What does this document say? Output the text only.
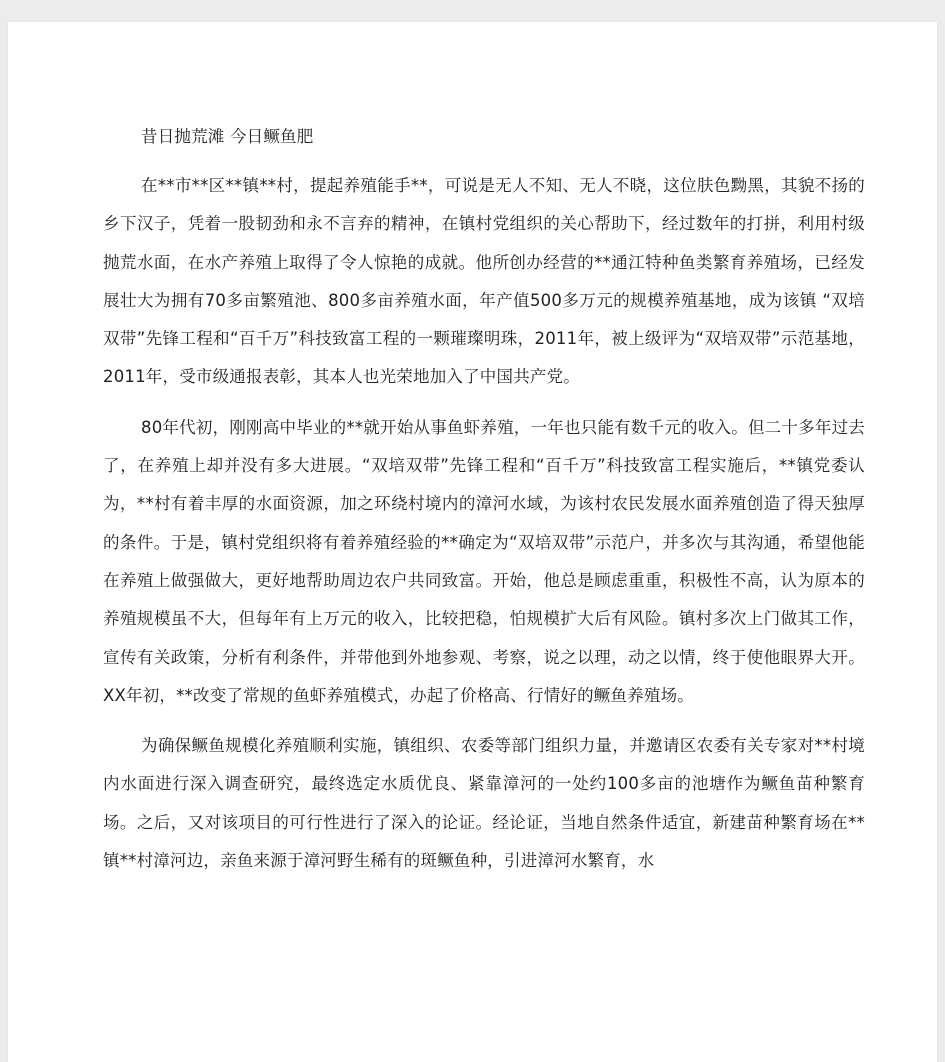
昔日抛荒滩 今日鳜鱼肥

在**市**区**镇**村，提起养殖能手**，可说是无人不知、无人不晓，这位肤色黝黑，其貌不扬的乡下汉子，凭着一股韧劲和永不言弃的精神，在镇村党组织的关心帮助下，经过数年的打拼，利用村级抛荒水面，在水产养殖上取得了令人惊艳的成就。他所创办经营的**通江特种鱼类繁育养殖场，已经发展壮大为拥有70多亩繁殖池、800多亩养殖水面，年产值500多万元的规模养殖基地，成为该镇 “双培双带”先锋工程和“百千万”科技致富工程的一颗璀璨明珠，2011年，被上级评为“双培双带”示范基地，2011年，受市级通报表彰，其本人也光荣地加入了中国共产党。

80年代初，刚刚高中毕业的**就开始从事鱼虾养殖，一年也只能有数千元的收入。但二十多年过去了，在养殖上却并没有多大进展。“双培双带”先锋工程和“百千万”科技致富工程实施后，**镇党委认为，**村有着丰厚的水面资源，加之环绕村境内的漳河水域，为该村农民发展水面养殖创造了得天独厚的条件。于是，镇村党组织将有着养殖经验的**确定为“双培双带”示范户，并多次与其沟通，希望他能在养殖上做强做大，更好地帮助周边农户共同致富。开始，他总是顾虑重重，积极性不高，认为原本的养殖规模虽不大，但每年有上万元的收入，比较把稳，怕规模扩大后有风险。镇村多次上门做其工作，宣传有关政策，分析有利条件，并带他到外地参观、考察，说之以理，动之以情，终于使他眼界大开。XX年初，**改变了常规的鱼虾养殖模式，办起了价格高、行情好的鳜鱼养殖场。

为确保鳜鱼规模化养殖顺利实施，镇组织、农委等部门组织力量，并邀请区农委有关专家对**村境内水面进行深入调查研究，最终选定水质优良、紧靠漳河的一处约100多亩的池塘作为鳜鱼苗种繁育场。之后，又对该项目的可行性进行了深入的论证。经论证，当地自然条件适宜，新建苗种繁育场在**镇**村漳河边，亲鱼来源于漳河野生稀有的斑鳜鱼种，引进漳河水繁育，水
